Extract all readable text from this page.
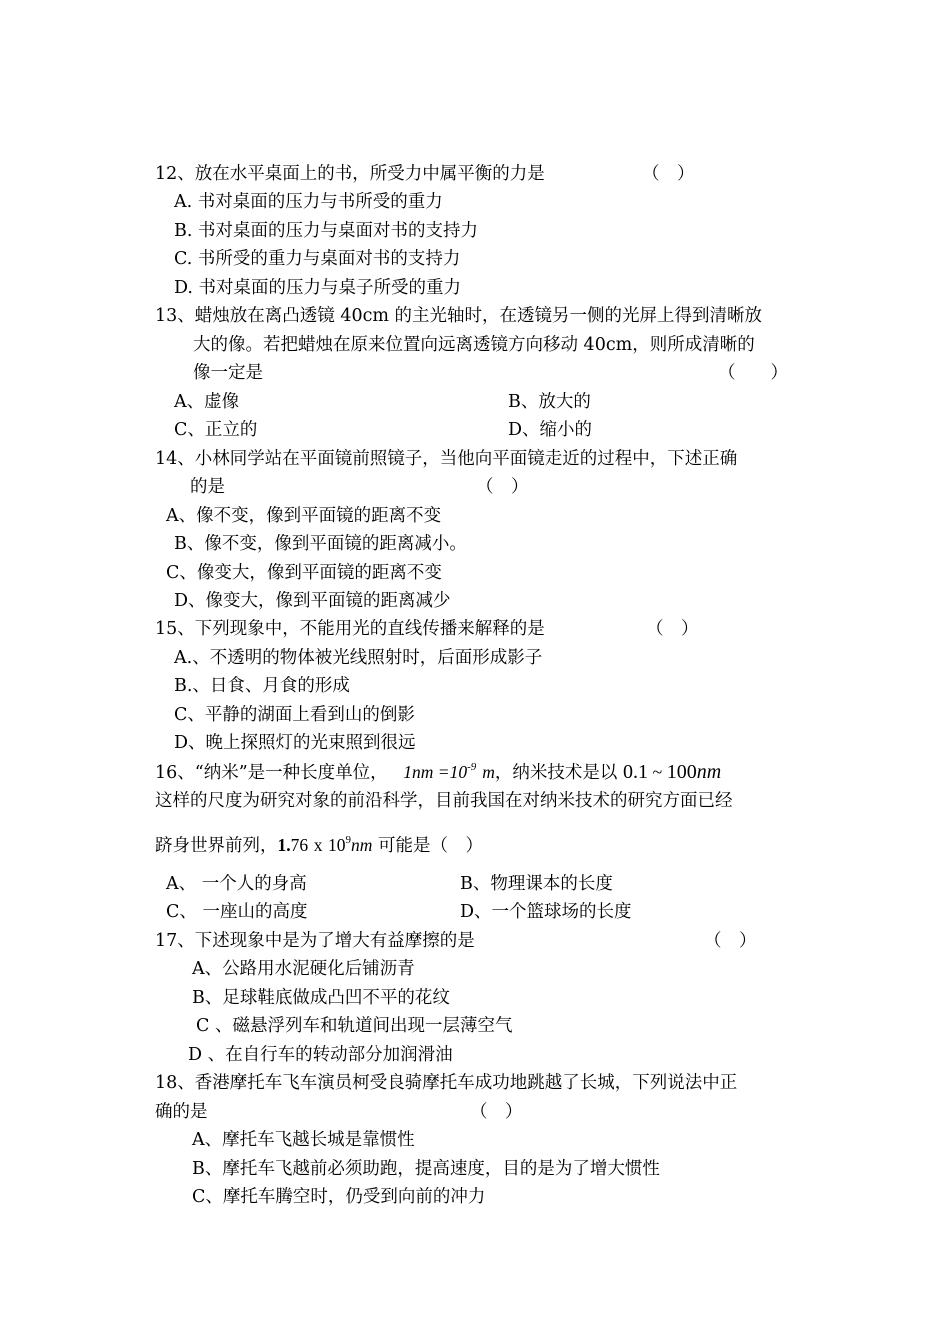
12、放在水平桌面上的书，所受力中属平衡的力是	（　）
A. 书对桌面的压力与书所受的重力
B. 书对桌面的压力与桌面对书的支持力
C. 书所受的重力与桌面对书的支持力
D. 书对桌面的压力与桌子所受的重力
13、蜡烛放在离凸透镜 40cm 的主光轴时，在透镜另一侧的光屏上得到清晰放
大的像。若把蜡烛在原来位置向远离透镜方向移动 40cm，则所成清晰的
像一定是	（　　）
A、虚像	B、放大的
C、正立的	D、缩小的
14、小林同学站在平面镜前照镜子，当他向平面镜走近的过程中，下述正确
的是	（　）
A、像不变，像到平面镜的距离不变
B、像不变，像到平面镜的距离减小。
C、像变大，像到平面镜的距离不变
D、像变大，像到平面镜的距离减少
15、下列现象中，不能用光的直线传播来解释的是	（　）
A.、不透明的物体被光线照射时，后面形成影子
B.、日食、月食的形成
C、平静的湖面上看到山的倒影
D、晚上探照灯的光束照到很远
16、“纳米”是一种长度单位， $1nm =10^{-9}$ m，纳米技术是以 0.1 ~ 100nm
这样的尺度为研究对象的前沿科学，目前我国在对纳米技术的研究方面已经
跻身世界前列，1.76 x $10^9nm$ 可能是（　）
A、 一个人的身高	B、物理课本的长度
C、 一座山的高度	D、一个篮球场的长度
17、下述现象中是为了增大有益摩擦的是	（　）
A、公路用水泥硬化后铺沥青
B、足球鞋底做成凸凹不平的花纹
C 、磁悬浮列车和轨道间出现一层薄空气
D 、在自行车的转动部分加润滑油
18、香港摩托车飞车演员柯受良骑摩托车成功地跳越了长城，下列说法中正
确的是	（　）
A、摩托车飞越长城是靠惯性
B、摩托车飞越前必须助跑，提高速度，目的是为了增大惯性
C、摩托车腾空时，仍受到向前的冲力
